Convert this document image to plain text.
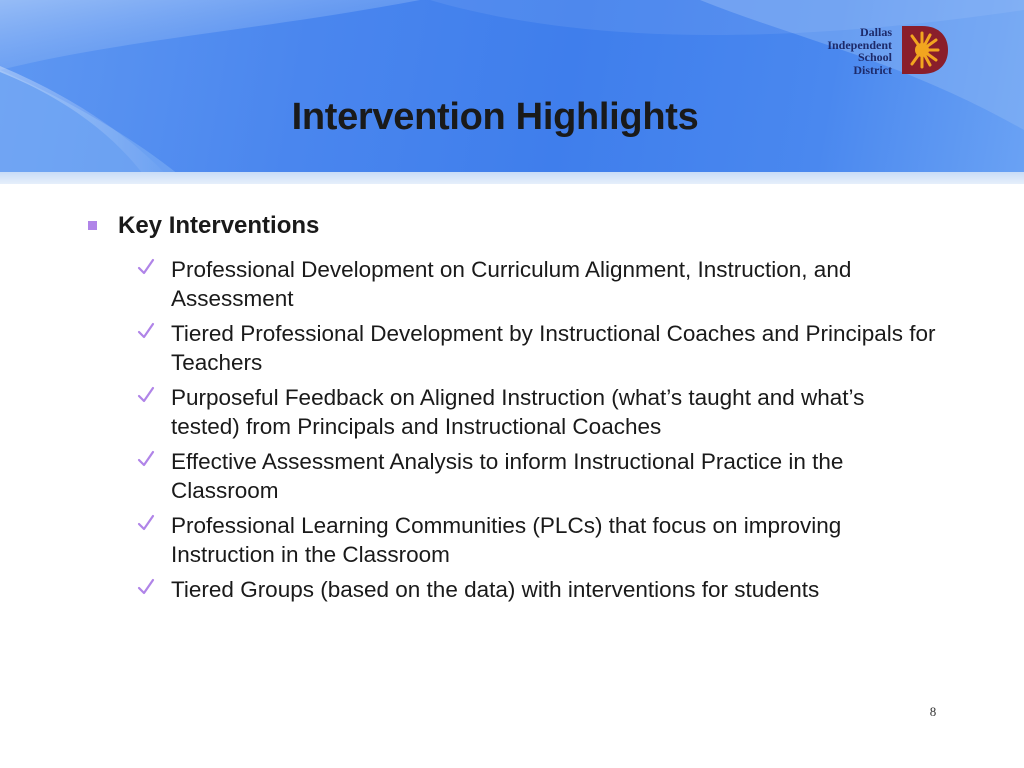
Intervention Highlights
Dallas
Independent
School
District
Key Interventions
Professional Development on Curriculum Alignment, Instruction, and Assessment
Tiered Professional Development by Instructional Coaches and Principals for Teachers
Purposeful Feedback on Aligned Instruction (what’s taught and what’s tested) from Principals and Instructional Coaches
Effective Assessment Analysis to inform Instructional Practice in the Classroom
Professional Learning Communities (PLCs) that focus on improving Instruction in the Classroom
Tiered Groups (based on the data) with interventions for students
8
